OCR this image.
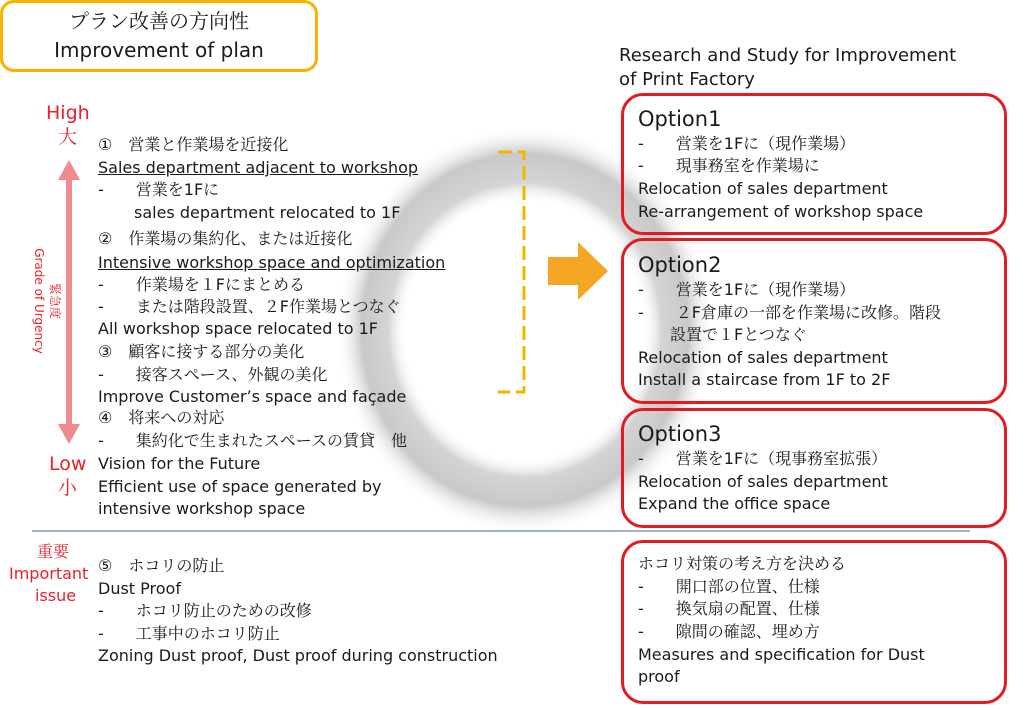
プラン改善の方向性
Improvement of plan	Research and Study for Improvement
of Print Factory
High
大
緊急度
Grade of Urgency
Low
小
①　営業と作業場を近接化
Sales department adjacent to workshop
-　　営業を1Fに
sales department relocated to 1F
②　作業場の集約化、または近接化
Intensive workshop space and optimization
-　　作業場を１Fにまとめる
-　　または階段設置、２F作業場とつなぐ
All workshop space relocated to 1F
③　顧客に接する部分の美化
-　　接客スペース、外観の美化
Improve Customer’s space and façade
④　将来への対応
-　　集約化で生まれたスペースの賃貸　他
Vision for the Future
Efficient use of space generated by
intensive workshop space
重要
Important
issue
⑤　ホコリの防止
Dust Proof
-　　ホコリ防止のための改修
-　　工事中のホコリ防止
Zoning Dust proof, Dust proof during construction
Option1
-　　営業を1Fに（現作業場）
-　　現事務室を作業場に
Relocation of sales department
Re-arrangement of workshop space
Option2
-　　営業を1Fに（現作業場）
-　　２F倉庫の一部を作業場に改修。階段
設置で１Fとつなぐ
Relocation of sales department
Install a staircase from 1F to 2F
Option3
-　　営業を1Fに（現事務室拡張）
Relocation of sales department
Expand the office space
ホコリ対策の考え方を決める
-　　開口部の位置、仕様
-　　換気扇の配置、仕様
-　　隙間の確認、埋め方
Measures and specification for Dust
proof
